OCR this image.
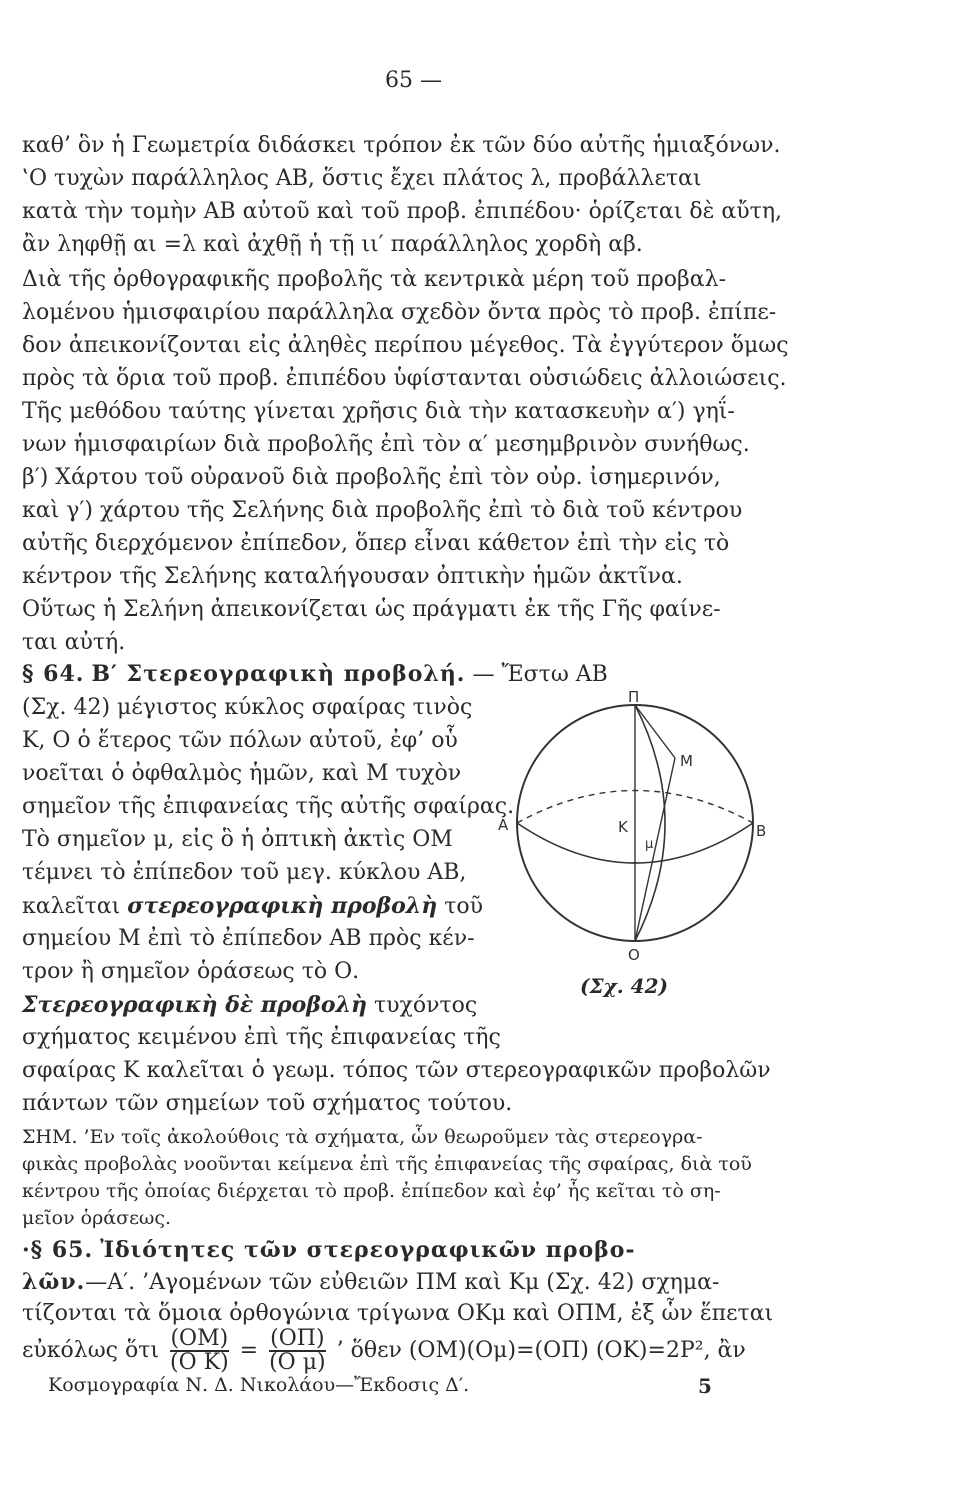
65 —
καθ’ ὃν ἡ Γεωμετρία διδάσκει τρόπον ἐκ τῶν δύο αὐτῆς ἡμιαξόνων.
‛Ο τυχὼν παράλληλος ΑΒ, ὅστις ἔχει πλάτος λ, προβάλλεται
κατὰ τὴν τομὴν ΑΒ αὐτοῦ καὶ τοῦ προβ. ἐπιπέδου· ὁρίζεται δὲ αὔτη,
ἂν ληφθῇ αι =λ καὶ ἀχθῇ ἡ τῇ ιι′ παράλληλος χορδὴ αβ.
Διὰ τῆς ὀρθογραφικῆς προβολῆς τὰ κεντρικὰ μέρη τοῦ προβαλ-
λομένου ἡμισφαιρίου παράλληλα σχεδὸν ὄντα πρὸς τὸ προβ. ἐπίπε-
δον ἀπεικονίζονται εἰς ἀληθὲς περίπου μέγεθος. Τὰ ἐγγύτερον ὅμως
πρὸς τὰ ὅρια τοῦ προβ. ἐπιπέδου ὑφίστανται οὐσιώδεις ἀλλοιώσεις.
Τῆς μεθόδου ταύτης γίνεται χρῆσις διὰ τὴν κατασκευὴν α′) γηΐ-
νων ἡμισφαιρίων διὰ προβολῆς ἐπὶ τὸν α′ μεσημβρινὸν συνήθως.
β′) Χάρτου τοῦ οὐρανοῦ διὰ προβολῆς ἐπὶ τὸν οὐρ. ἰσημερινόν,
καὶ γ′) χάρτου τῆς Σελήνης διὰ προβολῆς ἐπὶ τὸ διὰ τοῦ κέντρου
αὐτῆς διερχόμενον ἐπίπεδον, ὅπερ εἶναι κάθετον ἐπὶ τὴν εἰς τὸ
κέντρον τῆς Σελήνης καταλήγουσαν ὀπτικὴν ἡμῶν ἀκτῖνα.
Οὕτως ἡ Σελήνη ἀπεικονίζεται ὡς πράγματι ἐκ τῆς Γῆς φαίνε-
ται αὐτή.
§ 64. Β′ Στερεογραφικὴ προβολή. — Ἔστω ΑΒ
(Σχ. 42) μέγιστος κύκλος σφαίρας τινὸς
Κ, Ο ὁ ἕτερος τῶν πόλων αὐτοῦ, ἐφ’ οὗ
νοεῖται ὁ ὀφθαλμὸς ἡμῶν, καὶ Μ τυχὸν
σημεῖον τῆς ἐπιφανείας τῆς αὐτῆς σφαίρας.
Τὸ σημεῖον μ, εἰς ὃ ἡ ὀπτικὴ ἀκτὶς ΟΜ
τέμνει τὸ ἐπίπεδον τοῦ μεγ. κύκλου ΑΒ,
καλεῖται στερεογραφικὴ προβολὴ τοῦ
σημείου Μ ἐπὶ τὸ ἐπίπεδον ΑΒ πρὸς κέν-
τρον ἢ σημεῖον ὁράσεως τὸ Ο.
Στερεογραφικὴ δὲ προβολὴ τυχόντος
σχήματος κειμένου ἐπὶ τῆς ἐπιφανείας τῆς
σφαίρας Κ καλεῖται ὁ γεωμ. τόπος τῶν στερεογραφικῶν προβολῶν
πάντων τῶν σημείων τοῦ σχήματος τούτου.
ΣΗΜ. ’Εν τοῖς ἀκολούθοις τὰ σχήματα, ὧν θεωροῦμεν τὰς στερεογρα-
φικὰς προβολὰς νοοῦνται κείμενα ἐπὶ τῆς ἐπιφανείας τῆς σφαίρας, διὰ τοῦ
κέντρου τῆς ὁποίας διέρχεται τὸ προβ. ἐπίπεδον καὶ ἐφ’ ἧς κεῖται τὸ ση-
μεῖον ὁράσεως.
·§ 65. Ἰδιότητες τῶν στερεογραφικῶν προβο-
λῶν.—Α′. ’Αγομένων τῶν εὐθειῶν ΠΜ καὶ Κμ (Σχ. 42) σχημα-
τίζονται τὰ ὅμοια ὀρθογώνια τρίγωνα ΟΚμ καὶ ΟΠΜ, ἐξ ὧν ἕπεται
εὐκόλως ὅτι $\frac{(OM)}{\text{(Ο Κ)}} = \frac{(O\Pi)}{\text{(Ο μ)}}$ ’ ὅθεν (ΟΜ)(Ομ)=(ΟΠ) (ΟΚ)=2Ρ², ἂν
Π
Μ
Α	Κ
μ
Β
Ο
(Σχ. 42)
Κοσμογραφία Ν. Δ. Νικολάου—Ἔκδοσις Δ′.	5
